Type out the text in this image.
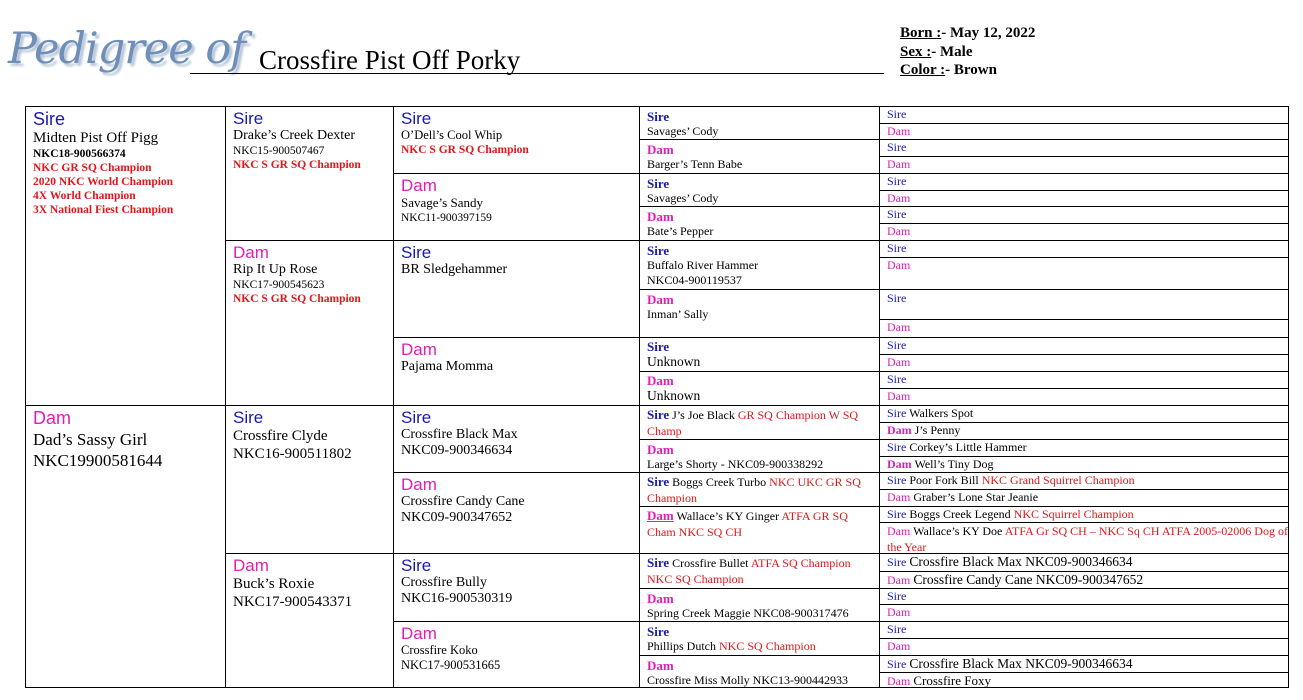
Pedigree of Crossfire Pist Off Porky
Born :- May 12, 2022
Sex :- Male
Color :- Brown
Sire
Midten Pist Off Pigg
NKC18-900566374
NKC GR SQ Champion
2020 NKC World Champion
4X World Champion
3X National Fiest Champion
Dam
Dad’s Sassy Girl
NKC19900581644
Sire
Drake’s Creek Dexter
NKC15-900507467
NKC S GR SQ Champion
Dam
Rip It Up Rose
NKC17-900545623
NKC S GR SQ Champion
Sire
Crossfire Clyde
NKC16-900511802
Dam
Buck’s Roxie
NKC17-900543371
Sire
O’Dell’s Cool Whip
NKC S GR SQ Champion
Dam
Savage’s Sandy
NKC11-900397159
Sire
BR Sledgehammer
Dam
Pajama Momma
Sire
Crossfire Black Max
NKC09-900346634
Dam
Crossfire Candy Cane
NKC09-900347652
Sire
Crossfire Bully
NKC16-900530319
Dam
Crossfire Koko
NKC17-900531665
Sire
Savages’ Cody
Dam
Barger’s Tenn Babe
Sire
Savages’ Cody
Dam
Bate’s Pepper
Sire
Buffalo River Hammer
NKC04-900119537
Dam
Inman’ Sally
Sire
Unknown
Dam
Unknown
Sire J’s Joe Black GR SQ Champion W SQ Champ
Dam
Large’s Shorty - NKC09-900338292
Sire Boggs Creek Turbo NKC UKC GR SQ Champion
Dam Wallace’s KY Ginger ATFA GR SQ Cham NKC SQ CH
Sire Crossfire Bullet ATFA SQ Champion NKC SQ Champion
Dam
Spring Creek Maggie NKC08-900317476
Sire
Phillips Dutch NKC SQ Champion
Dam
Crossfire Miss Molly NKC13-900442933
Sire
Dam
Sire
Dam
Sire
Dam
Sire
Dam
Sire
Dam
Sire
Dam
Sire
Dam
Sire
Dam
Sire Walkers Spot
Dam J’s Penny
Sire Corkey’s Little Hammer
Dam Well’s Tiny Dog
Sire Poor Fork Bill NKC Grand Squirrel Champion
Dam Graber’s Lone Star Jeanie
Sire Boggs Creek Legend NKC Squirrel Champion
Dam Wallace’s KY Doe ATFA Gr SQ CH – NKC Sq CH ATFA 2005-02006 Dog of the Year
Sire Crossfire Black Max NKC09-900346634
Dam Crossfire Candy Cane NKC09-900347652
Sire
Dam
Sire
Dam
Sire Crossfire Black Max NKC09-900346634
Dam Crossfire Foxy
